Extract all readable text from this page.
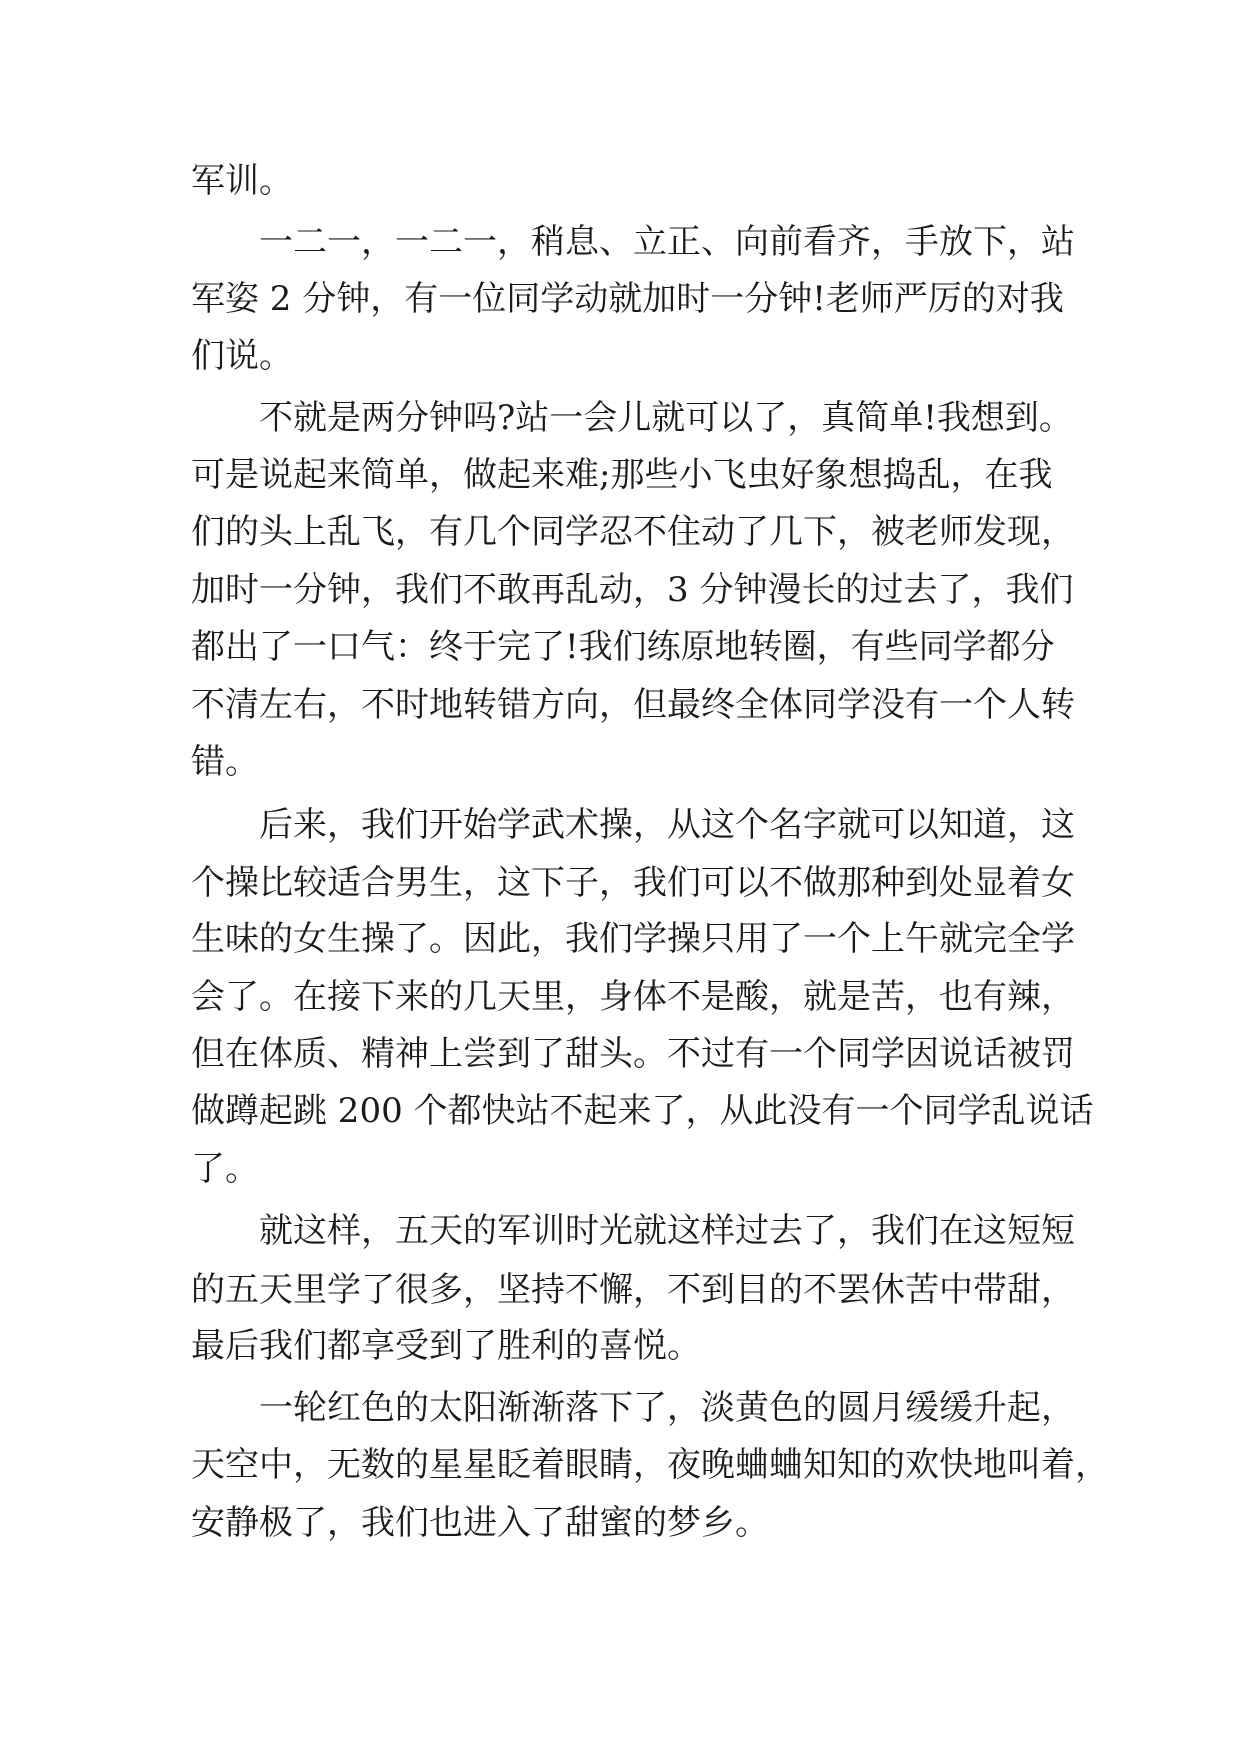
军训。

一二一，一二一，稍息、立正、向前看齐，手放下，站

军姿 2 分钟，有一位同学动就加时一分钟!老师严厉的对我

们说。

不就是两分钟吗?站一会儿就可以了，真简单!我想到。

可是说起来简单，做起来难;那些小飞虫好象想捣乱，在我

们的头上乱飞，有几个同学忍不住动了几下，被老师发现，

加时一分钟，我们不敢再乱动，3 分钟漫长的过去了，我们

都出了一口气：终于完了!我们练原地转圈，有些同学都分

不清左右，不时地转错方向，但最终全体同学没有一个人转

错。

后来，我们开始学武术操，从这个名字就可以知道，这

个操比较适合男生，这下子，我们可以不做那种到处显着女

生味的女生操了。因此，我们学操只用了一个上午就完全学

会了。在接下来的几天里，身体不是酸，就是苦，也有辣，

但在体质、精神上尝到了甜头。不过有一个同学因说话被罚

做蹲起跳 200 个都快站不起来了，从此没有一个同学乱说话

了。

就这样，五天的军训时光就这样过去了，我们在这短短

的五天里学了很多，坚持不懈，不到目的不罢休苦中带甜，

最后我们都享受到了胜利的喜悦。

一轮红色的太阳渐渐落下了，淡黄色的圆月缓缓升起，

天空中，无数的星星眨着眼睛，夜晚蛐蛐知知的欢快地叫着，

安静极了，我们也进入了甜蜜的梦乡。
